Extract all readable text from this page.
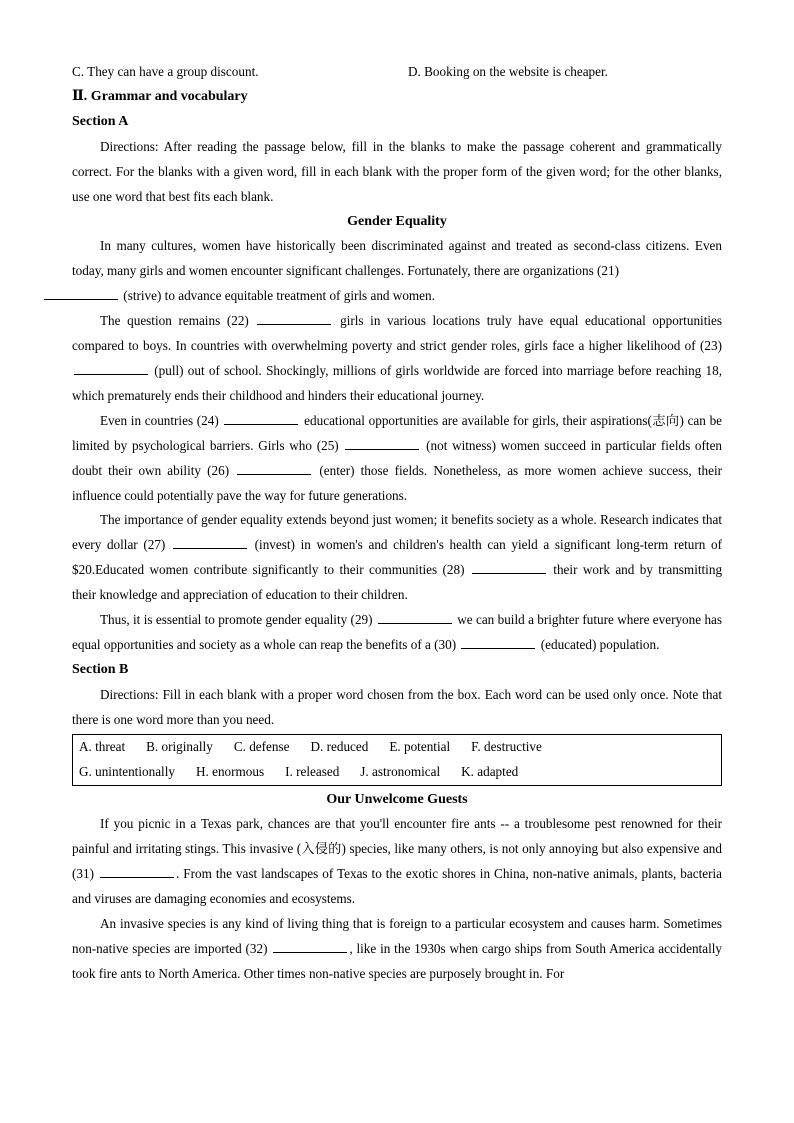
C. They can have a group discount.	D. Booking on the website is cheaper.
Ⅱ. Grammar and vocabulary
Section A

Directions: After reading the passage below, fill in the blanks to make the passage coherent and grammatically correct. For the blanks with a given word, fill in each blank with the proper form of the given word; for the other blanks, use one word that best fits each blank.

Gender Equality

In many cultures, women have historically been discriminated against and treated as second-class citizens. Even today, many girls and women encounter significant challenges. Fortunately, there are organizations (21)
(strive) to advance equitable treatment of girls and women.

The question remains (22)	girls in various locations truly have equal educational opportunities compared to boys. In countries with overwhelming poverty and strict gender roles, girls face a higher likelihood of (23)  (pull) out of school. Shockingly, millions of girls worldwide are forced into marriage before reaching 18, which prematurely ends their childhood and hinders their educational journey.

Even in countries (24)	educational opportunities are available for girls, their aspirations(志向) can be limited by psychological barriers. Girls who (25)	(not witness) women succeed in particular fields often doubt their own ability (26)	(enter) those fields. Nonetheless, as more women achieve success, their influence could potentially pave the way for future generations.

The importance of gender equality extends beyond just women; it benefits society as a whole. Research indicates that every dollar (27)	(invest) in women's and children's health can yield a significant long-term return of $20.Educated women contribute significantly to their communities (28)	their work and by transmitting their knowledge and appreciation of education to their children.

Thus, it is essential to promote gender equality (29)	we can build a brighter future where everyone has equal opportunities and society as a whole can reap the benefits of a (30)	(educated) population.

Section B

Directions: Fill in each blank with a proper word chosen from the box. Each word can be used only once. Note that there is one word more than you need.

A. threat B. originally C. defense D. reduced E. potential F. destructive
G. unintentionally H. enormous I. released J. astronomical K. adapted
Our Unwelcome Guests

If you picnic in a Texas park, chances are that you'll encounter fire ants -- a troublesome pest renowned for their painful and irritating stings. This invasive (入侵的) species, like many others, is not only annoying but also expensive and (31)	. From the vast landscapes of Texas to the exotic shores in China, non-native animals, plants, bacteria and viruses are damaging economies and ecosystems.

An invasive species is any kind of living thing that is foreign to a particular ecosystem and causes harm. Sometimes non-native species are imported (32)	, like in the 1930s when cargo ships from South America accidentally took fire ants to North America. Other times non-native species are purposely brought in. For
